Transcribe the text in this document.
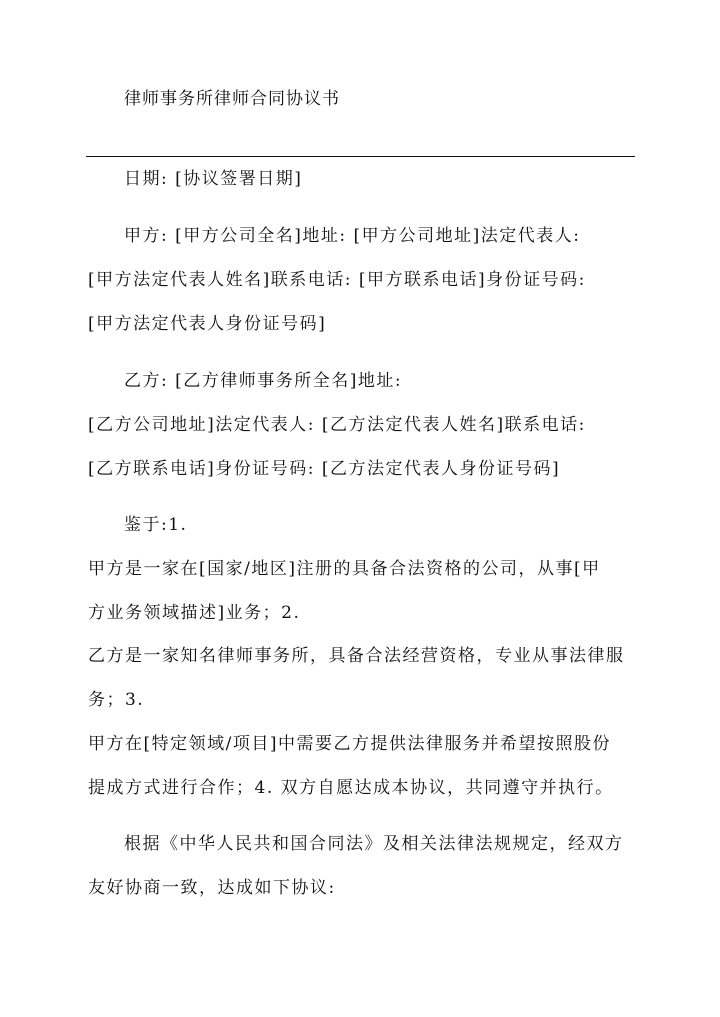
律师事务所律师合同协议书
日期: [协议签署日期]
甲方: [甲方公司全名]地址: [甲方公司地址]法定代表人:
[甲方法定代表人姓名]联系电话: [甲方联系电话]身份证号码:
[甲方法定代表人身份证号码]
乙方: [乙方律师事务所全名]地址:
[乙方公司地址]法定代表人: [乙方法定代表人姓名]联系电话:
[乙方联系电话]身份证号码: [乙方法定代表人身份证号码]
鉴于:1.
甲方是一家在[国家/地区]注册的具备合法资格的公司，从事[甲
方业务领域描述]业务；2.
乙方是一家知名律师事务所，具备合法经营资格，专业从事法律服
务；3.
甲方在[特定领域/项目]中需要乙方提供法律服务并希望按照股份
提成方式进行合作；4. 双方自愿达成本协议，共同遵守并执行。
根据《中华人民共和国合同法》及相关法律法规规定，经双方
友好协商一致，达成如下协议:
